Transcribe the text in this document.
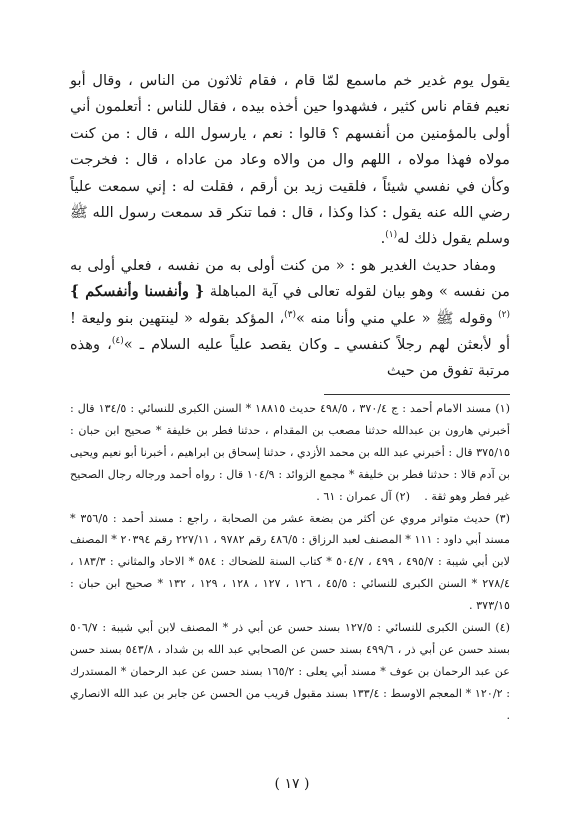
يقول يوم غدير خم ماسمع لمّا قام ، فقام ثلاثون من الناس ، وقال أبو نعيم فقام ناس كثير ، فشهدوا حين أخذه بيده ، فقال للناس : أتعلمون أني أولى بالمؤمنين من أنفسهم ؟ قالوا : نعم ، يارسول الله ، قال : من كنت مولاه فهذا مولاه ، اللهم وال من والاه وعاد من عاداه ، قال : فخرجت وكأن في نفسي شيئاً ، فلقيت زيد بن أرقم ، فقلت له : إني سمعت علياً رضي الله عنه يقول : كذا وكذا ، قال : فما تنكر قد سمعت رسول الله ﷺ وسلم يقول ذلك له$^{(١)}$.

ومفاد حديث الغدير هو : « من كنت أولى به من نفسه ، فعلي أولى به من نفسه » وهو بيان لقوله تعالى في آية المباهلة { وأنفسنا وأنفسكم }$^{(٢)}$ وقوله ﷺ « علي مني وأنا منه »$^{(٣)}$، المؤكد بقوله « لينتهين بنو وليعة ! أو لأبعثن لهم رجلاً كنفسي ـ وكان يقصد علياً عليه السلام ـ »$^{(٤)}$، وهذه مرتبة تفوق من حيث

(١) مسند الامام أحمد : ج ٣٧٠/٤ ، ٤٩٨/٥ حديث ١٨٨١٥ * السنن الكبرى للنسائي : ١٣٤/٥ قال : أخبرني هارون بن عبدالله حدثنا مصعب بن المقدام ، حدثنا فطر بن خليفة * صحيح ابن حبان : ٣٧٥/١٥ قال : أخبرني عبد الله بن محمد الأزدي ، حدثنا إسحاق بن ابراهيم ، أخبرنا أبو نعيم ويحيى بن آدم قالا : حدثنا فطر بن خليفة * مجمع الزوائد : ١٠٤/٩ قال : رواه أحمد ورجاله رجال الصحيح غير فطر وهو ثقة .    (٢) آل عمران : ٦١ .

(٣) حديث متواتر مروي عن أكثر من بضعة عشر من الصحابة ، راجع : مسند أحمد : ٣٥٦/٥ * مسند أبي داود : ١١١ * المصنف لعبد الرزاق : ٤٨٦/٥ رقم ٩٧٨٢ ، ٢٢٧/١١ رقم ٢٠٣٩٤ * المصنف لابن أبي شيبة : ٤٩٥/٧ ، ٤٩٩ ، ٥٠٤/٧ * كتاب السنة للضحاك : ٥٨٤ * الاحاد والمثاني : ١٨٣/٣ ، ٢٧٨/٤ * السنن الكبرى للنسائي : ٤٥/٥ ، ١٢٦ ، ١٢٧ ، ١٢٨ ، ١٢٩ ، ١٣٢ * صحيح ابن حبان : ٣٧٣/١٥ .

(٤) السنن الكبرى للنسائي : ١٢٧/٥ بسند حسن عن أبي ذر * المصنف لابن أبي شيبة : ٥٠٦/٧ بسند حسن عن أبي ذر ، ٤٩٩/٦ بسند حسن عن الصحابي عبد الله بن شداد ، ٥٤٣/٨ بسند حسن عن عبد الرحمان بن عوف * مسند أبي يعلى : ١٦٥/٢ بسند حسن عن عبد الرحمان * المستدرك : ١٢٠/٢ * المعجم الاوسط : ١٣٣/٤ بسند مقبول قريب من الحسن عن جابر بن عبد الله الانصاري .

( ١٧ )
